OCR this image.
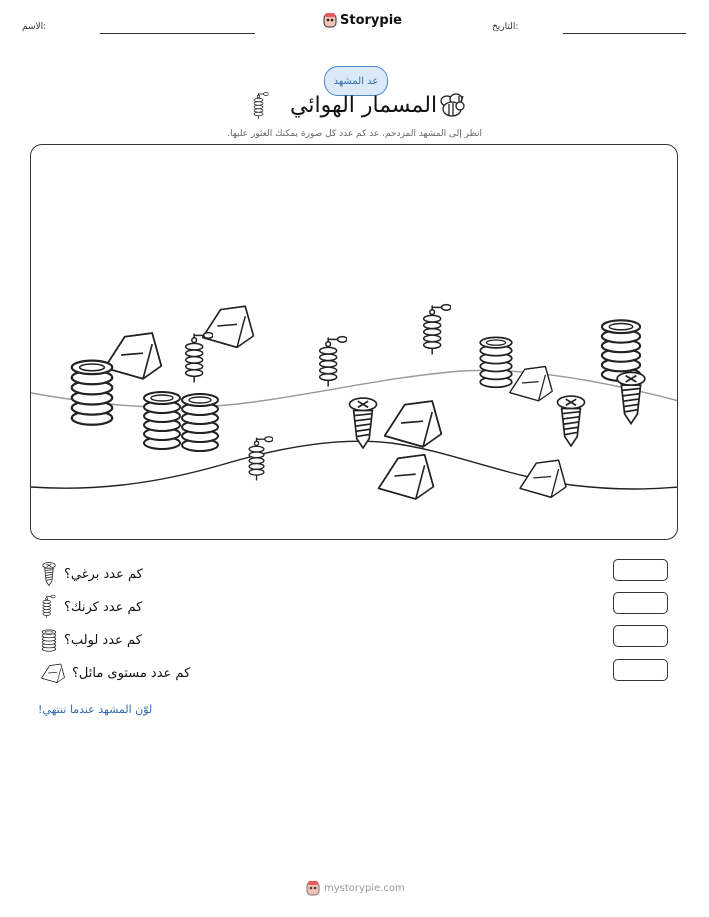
الاسم:	Storypie	التاريخ:
عد المشهد
المسمار الهوائي
انظر إلى المشهد المزدحم. عد كم عدد كل صورة يمكنك العثور عليها.
كم عدد برغي؟
كم عدد كرنك؟
كم عدد لولب؟
كم عدد مستوى مائل؟
لوّن المشهد عندما تنتهي!
mystorypie.com
